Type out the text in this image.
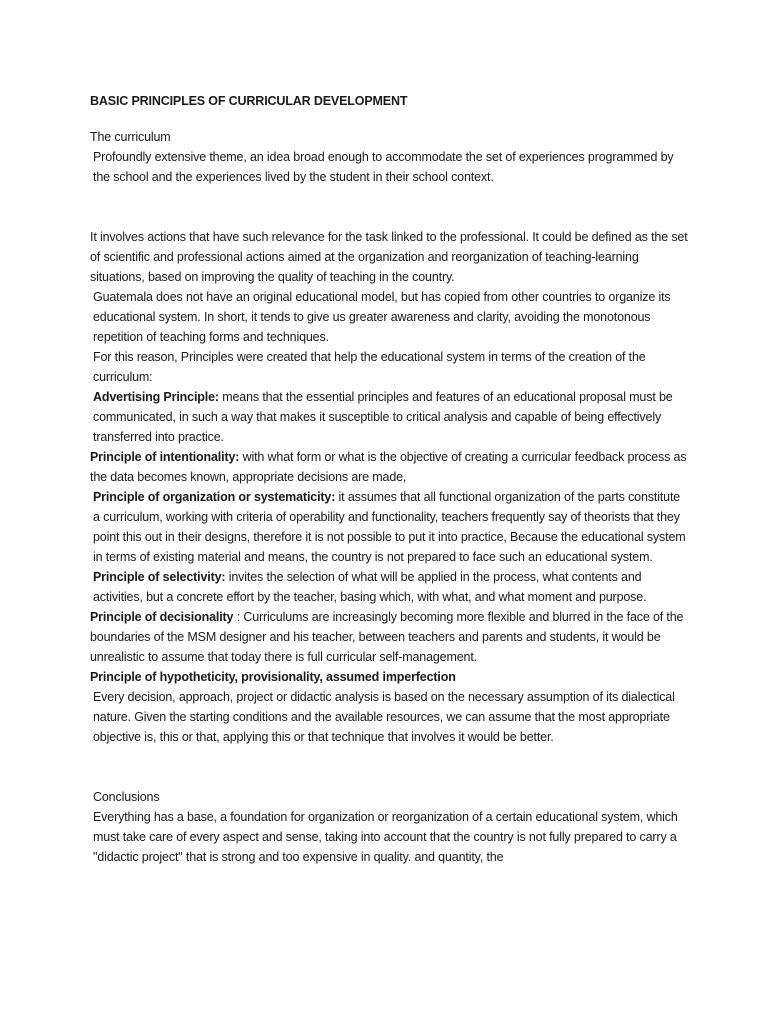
BASIC PRINCIPLES OF CURRICULAR DEVELOPMENT

The curriculum

Profoundly extensive theme, an idea broad enough to accommodate the set of experiences programmed by the school and the experiences lived by the student in their school context.

It involves actions that have such relevance for the task linked to the professional. It could be defined as the set of scientific and professional actions aimed at the organization and reorganization of teaching-learning situations, based on improving the quality of teaching in the country.

Guatemala does not have an original educational model, but has copied from other countries to organize its educational system. In short, it tends to give us greater awareness and clarity, avoiding the monotonous repetition of teaching forms and techniques.

For this reason, Principles were created that help the educational system in terms of the creation of the curriculum:

Advertising Principle: means that the essential principles and features of an educational proposal must be communicated, in such a way that makes it susceptible to critical analysis and capable of being effectively transferred into practice.

Principle of intentionality: with what form or what is the objective of creating a curricular feedback process as the data becomes known, appropriate decisions are made,

Principle of organization or systematicity: it assumes that all functional organization of the parts constitute a curriculum, working with criteria of operability and functionality, teachers frequently say of theorists that they point this out in their designs, therefore it is not possible to put it into practice, Because the educational system in terms of existing material and means, the country is not prepared to face such an educational system.

Principle of selectivity: invites the selection of what will be applied in the process, what contents and activities, but a concrete effort by the teacher, basing which, with what, and what moment and purpose.

Principle of decisionality : Curriculums are increasingly becoming more flexible and blurred in the face of the boundaries of the MSM designer and his teacher, between teachers and parents and students, it would be unrealistic to assume that today there is full curricular self-management.

Principle of hypotheticity, provisionality, assumed imperfection

Every decision, approach, project or didactic analysis is based on the necessary assumption of its dialectical nature. Given the starting conditions and the available resources, we can assume that the most appropriate objective is, this or that, applying this or that technique that involves it would be better.

Conclusions

Everything has a base, a foundation for organization or reorganization of a certain educational system, which must take care of every aspect and sense, taking into account that the country is not fully prepared to carry a "didactic project" that is strong and too expensive in quality. and quantity, the
